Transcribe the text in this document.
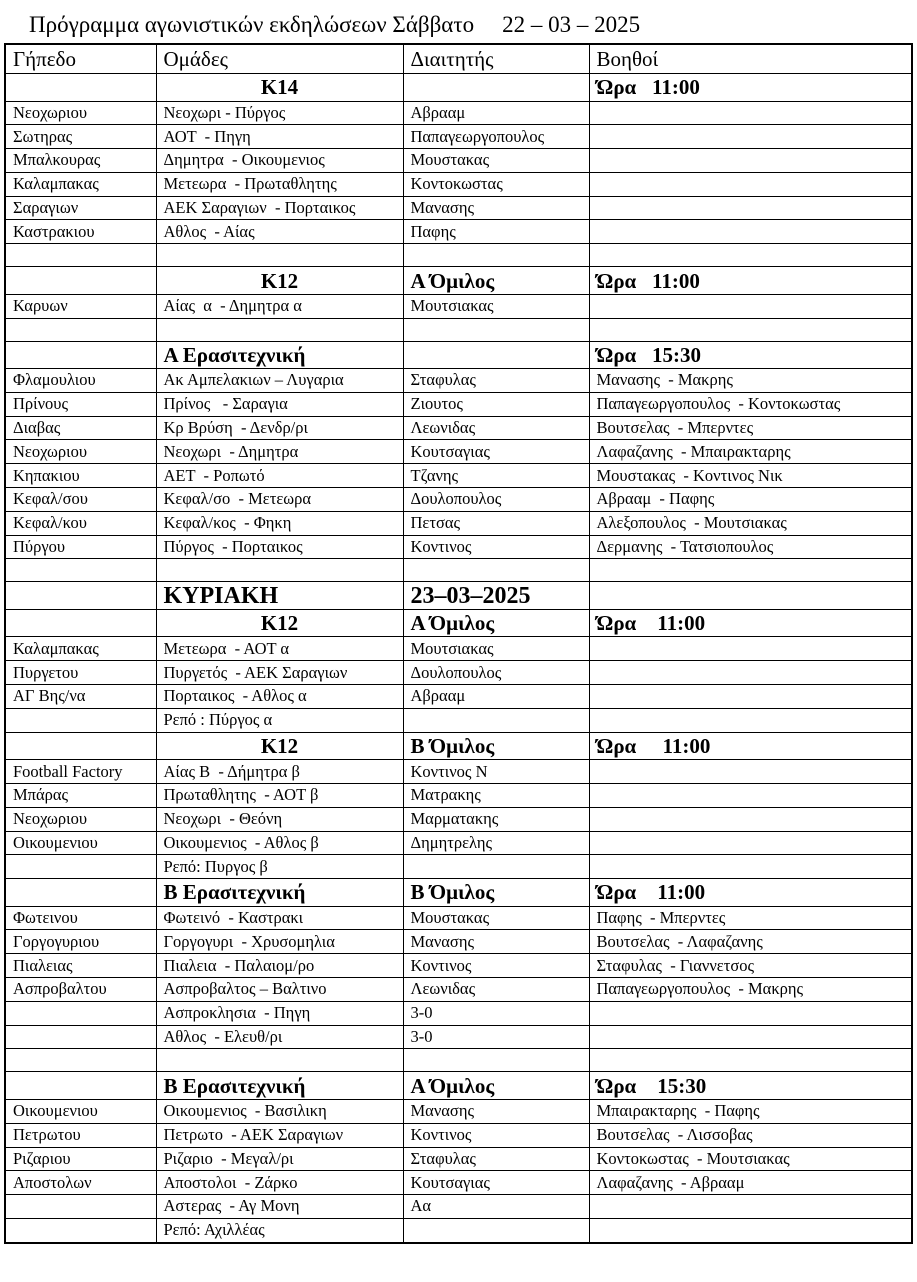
Πρόγραμμα αγωνιστικών εκδηλώσεων Σάββατο 22 – 03 – 2025
Γήπεδο	Ομάδες	Διαιτητής	Βοηθοί
	Κ14		Ώρα   11:00
Νεοχωριου	Νεοχωρι - Πύργος	Αβρααμ	
Σωτηρας	ΑΟΤ  - Πηγη	Παπαγεωργοπουλος	
Μπαλκουρας	Δημητρα  - Οικουμενιος	Μουστακας	
Καλαμπακας	Μετεωρα  - Πρωταθλητης	Κοντοκωστας	
Σαραγιων	ΑΕΚ Σαραγιων  - Πορταικος	Μανασης	
Καστρακιου	Αθλος  - Αίας	Παφης	

	Κ12	Α Όμιλος	Ώρα   11:00
Καρυων	Αίας  α  - Δημητρα α	Μουτσιακας	

	Α Ερασιτεχνική		Ώρα   15:30
Φλαμουλιου	Ακ Αμπελακιων – Λυγαρια	Σταφυλας	Μανασης  - Μακρης
Πρίνους	Πρίνος   - Σαραγια	Ζιουτος	Παπαγεωργοπουλος  - Κοντοκωστας
Διαβας	Κρ Βρύση  - Δενδρ/ρι	Λεωνιδας	Βουτσελας  - Μπερντες
Νεοχωριου	Νεοχωρι  - Δημητρα	Κουτσαγιας	Λαφαζανης  - Μπαιρακταρης
Κηπακιου	ΑΕΤ  - Ροπωτό	Τζανης	Μουστακας  - Κοντινος Νικ
Κεφαλ/σου	Κεφαλ/σο  - Μετεωρα	Δουλοπουλος	Αβρααμ  - Παφης
Κεφαλ/κου	Κεφαλ/κος  - Φηκη	Πετσας	Αλεξοπουλος  - Μουτσιακας
Πύργου	Πύργος  - Πορταικος	Κοντινος	Δερμανης  - Τατσιοπουλος

	ΚΥΡΙΑΚΗ	23–03–2025	
	Κ12	Α Όμιλος	Ώρα    11:00
Καλαμπακας	Μετεωρα  - ΑΟΤ α	Μουτσιακας	
Πυργετου	Πυργετός  - ΑΕΚ Σαραγιων	Δουλοπουλος	
ΑΓ Βης/να	Πορταικος  - Αθλος α	Αβρααμ	
	Ρεπό : Πύργος α		
	Κ12	Β Όμιλος	Ώρα     11:00
Football Factory	Αίας Β  - Δήμητρα β	Κοντινος Ν	
Μπάρας	Πρωταθλητης  - ΑΟΤ β	Ματρακης	
Νεοχωριου	Νεοχωρι  - Θεόνη	Μαρματακης	
Οικουμενιου	Οικουμενιος  - Αθλος β	Δημητρελης	
	Ρεπό: Πυργος β		
	Β Ερασιτεχνική	Β Όμιλος	Ώρα    11:00
Φωτεινου	Φωτεινό  - Καστρακι	Μουστακας	Παφης  - Μπερντες
Γοργογυριου	Γοργογυρι  - Χρυσομηλια	Μανασης	Βουτσελας  - Λαφαζανης
Πιαλειας	Πιαλεια  - Παλαιομ/ρο	Κοντινος	Σταφυλας  - Γιαννετσος
Ασπροβαλτου	Ασπροβαλτος – Βαλτινο	Λεωνιδας	Παπαγεωργοπουλος  - Μακρης
	Ασπροκλησια  - Πηγη	3-0	
	Αθλος  - Ελευθ/ρι	3-0	

	Β Ερασιτεχνική	Α Όμιλος	Ώρα    15:30
Οικουμενιου	Οικουμενιος  - Βασιλικη	Μανασης	Μπαιρακταρης  - Παφης
Πετρωτου	Πετρωτο  - ΑΕΚ Σαραγιων	Κοντινος	Βουτσελας  - Λισσοβας
Ριζαριου	Ριζαριο  - Μεγαλ/ρι	Σταφυλας	Κοντοκωστας  - Μουτσιακας
Αποστολων	Αποστολοι  - Ζάρκο	Κουτσαγιας	Λαφαζανης  - Αβρααμ
	Αστερας  - Αγ Μονη	Αα	
	Ρεπό: Αχιλλέας		
